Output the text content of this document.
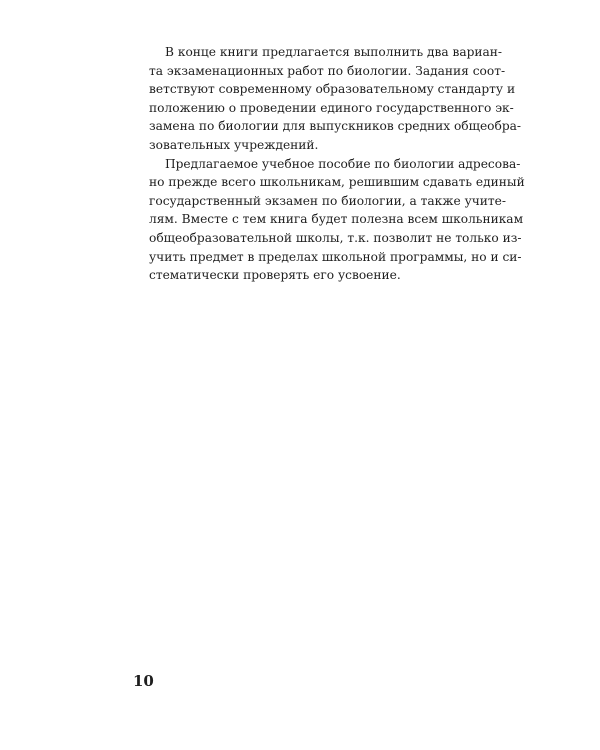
В конце книги предлагается выполнить два вариан-
та экзаменационных работ по биологии. Задания соот-
ветствуют современному образовательному стандарту и
положению о проведении единого государственного эк-
замена по биологии для выпускников средних общеобра-
зовательных учреждений.
Предлагаемое учебное пособие по биологии адресова-
но прежде всего школьникам, решившим сдавать единый
государственный экзамен по биологии, а также учите-
лям. Вместе с тем книга будет полезна всем школьникам
общеобразовательной школы, т.к. позволит не только из-
учить предмет в пределах школьной программы, но и си-
стематически проверять его усвоение.
10
